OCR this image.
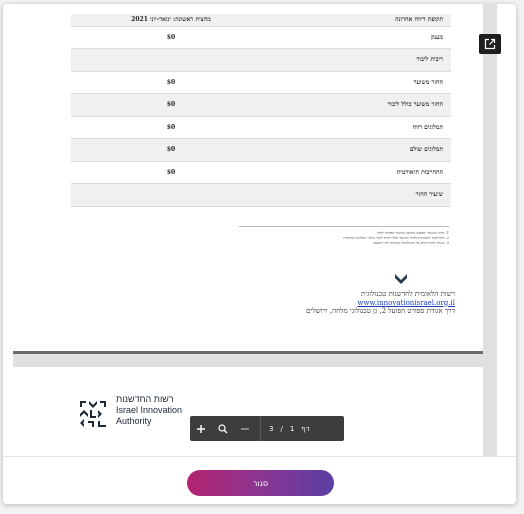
מחצית ראשונה: ינואר-יוני 2021	תקופת דיווח אחרונה
$0	מענק
	ריבית ליבור
$0	החזר משוער
$0	החזר משוער כולל ליבור
$0	תמלוגים דווח
$0	תמלוגים שולם
$0	התחייבות תיאורטית
	שיעור החזר
1. החזר משוער- הסכום מחושב בשיעור הפקרה לחוק
2. התחייבות תיאורטית-החזר משוער כולל ריבית ליבור בניכוי תמלוגים שהוחזרו
3. שיעור החזר-היחס בין התמלוגים שהוחזרו לבין המענק
רשות הלאומית לחדשנות טכנולוגית
www.innovationisrael.org.il
דרך אגודת ספורט הפועל 2, גן טכנולוגי מלחה, ירושלים
רשות החדשנות
Israel Innovation
Authority
3 / 1 דף
סגור
